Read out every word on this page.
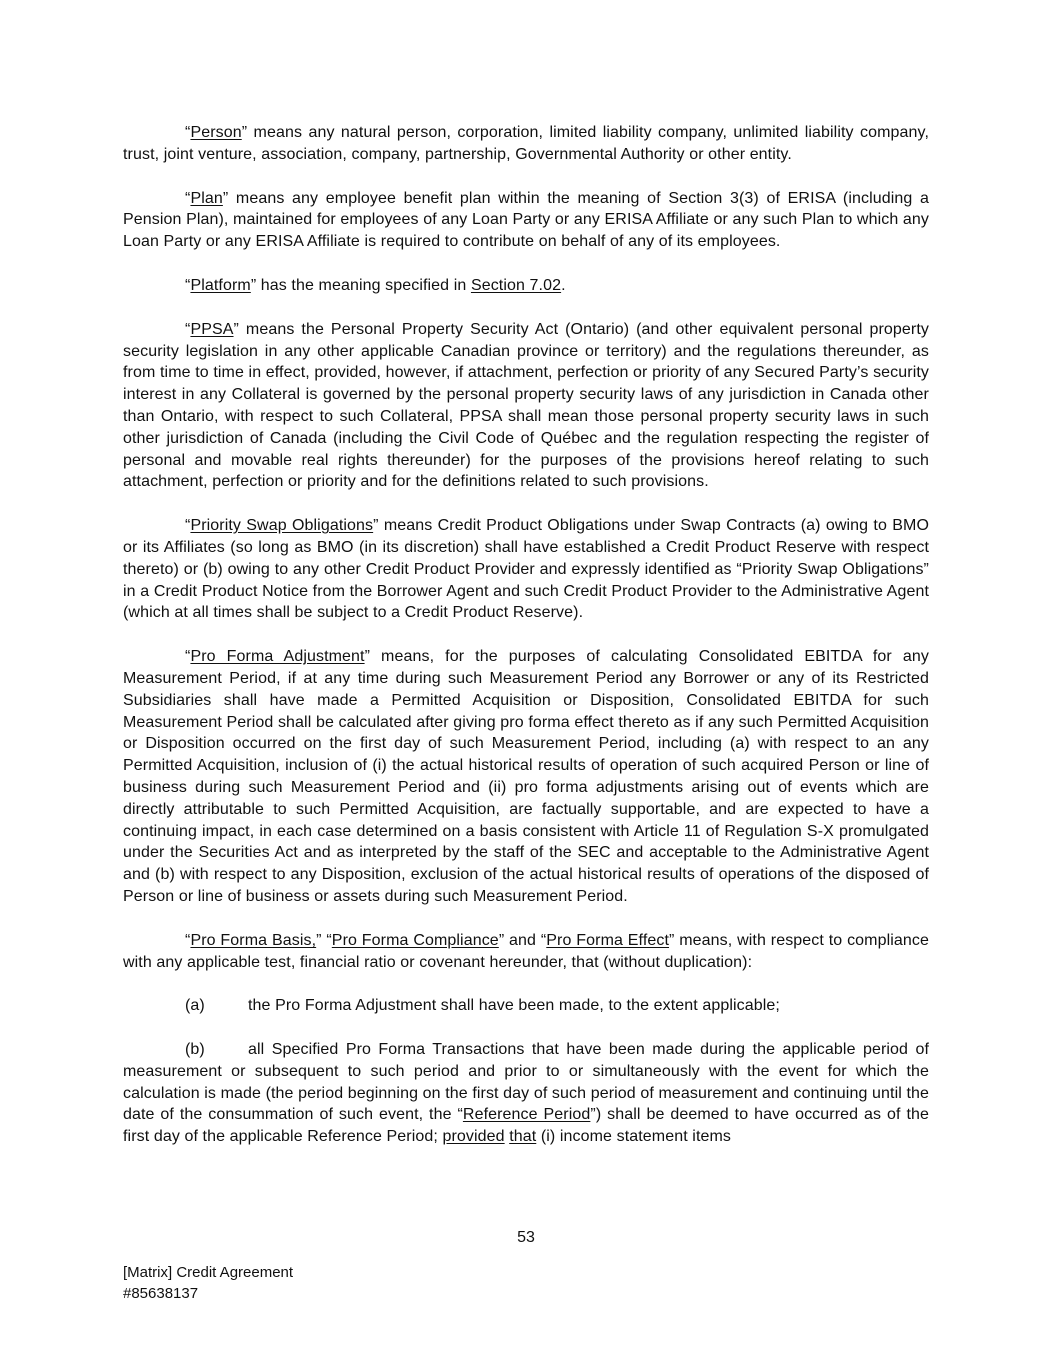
“Person” means any natural person, corporation, limited liability company, unlimited liability company, trust, joint venture, association, company, partnership, Governmental Authority or other entity.

“Plan” means any employee benefit plan within the meaning of Section 3(3) of ERISA (including a Pension Plan), maintained for employees of any Loan Party or any ERISA Affiliate or any such Plan to which any Loan Party or any ERISA Affiliate is required to contribute on behalf of any of its employees.

“Platform” has the meaning specified in Section 7.02.

“PPSA” means the Personal Property Security Act (Ontario) (and other equivalent personal property security legislation in any other applicable Canadian province or territory) and the regulations thereunder, as from time to time in effect, provided, however, if attachment, perfection or priority of any Secured Party’s security interest in any Collateral is governed by the personal property security laws of any jurisdiction in Canada other than Ontario, with respect to such Collateral, PPSA shall mean those personal property security laws in such other jurisdiction of Canada (including the Civil Code of Québec and the regulation respecting the register of personal and movable real rights thereunder) for the purposes of the provisions hereof relating to such attachment, perfection or priority and for the definitions related to such provisions.

“Priority Swap Obligations” means Credit Product Obligations under Swap Contracts (a) owing to BMO or its Affiliates (so long as BMO (in its discretion) shall have established a Credit Product Reserve with respect thereto) or (b) owing to any other Credit Product Provider and expressly identified as “Priority Swap Obligations” in a Credit Product Notice from the Borrower Agent and such Credit Product Provider to the Administrative Agent (which at all times shall be subject to a Credit Product Reserve).

“Pro Forma Adjustment” means, for the purposes of calculating Consolidated EBITDA for any Measurement Period, if at any time during such Measurement Period any Borrower or any of its Restricted Subsidiaries shall have made a Permitted Acquisition or Disposition, Consolidated EBITDA for such Measurement Period shall be calculated after giving pro forma effect thereto as if any such Permitted Acquisition or Disposition occurred on the first day of such Measurement Period, including (a) with respect to an any Permitted Acquisition, inclusion of (i) the actual historical results of operation of such acquired Person or line of business during such Measurement Period and (ii) pro forma adjustments arising out of events which are directly attributable to such Permitted Acquisition, are factually supportable, and are expected to have a continuing impact, in each case determined on a basis consistent with Article 11 of Regulation S-X promulgated under the Securities Act and as interpreted by the staff of the SEC and acceptable to the Administrative Agent and (b) with respect to any Disposition, exclusion of the actual historical results of operations of the disposed of Person or line of business or assets during such Measurement Period.

“Pro Forma Basis,” “Pro Forma Compliance” and “Pro Forma Effect” means, with respect to compliance with any applicable test, financial ratio or covenant hereunder, that (without duplication):

(a)	the Pro Forma Adjustment shall have been made, to the extent applicable;

(b)	all Specified Pro Forma Transactions that have been made during the applicable period of measurement or subsequent to such period and prior to or simultaneously with the event for which the calculation is made (the period beginning on the first day of such period of measurement and continuing until the date of the consummation of such event, the “Reference Period”) shall be deemed to have occurred as of the first day of the applicable Reference Period; provided that (i) income statement items

53
[Matrix] Credit Agreement
#85638137
